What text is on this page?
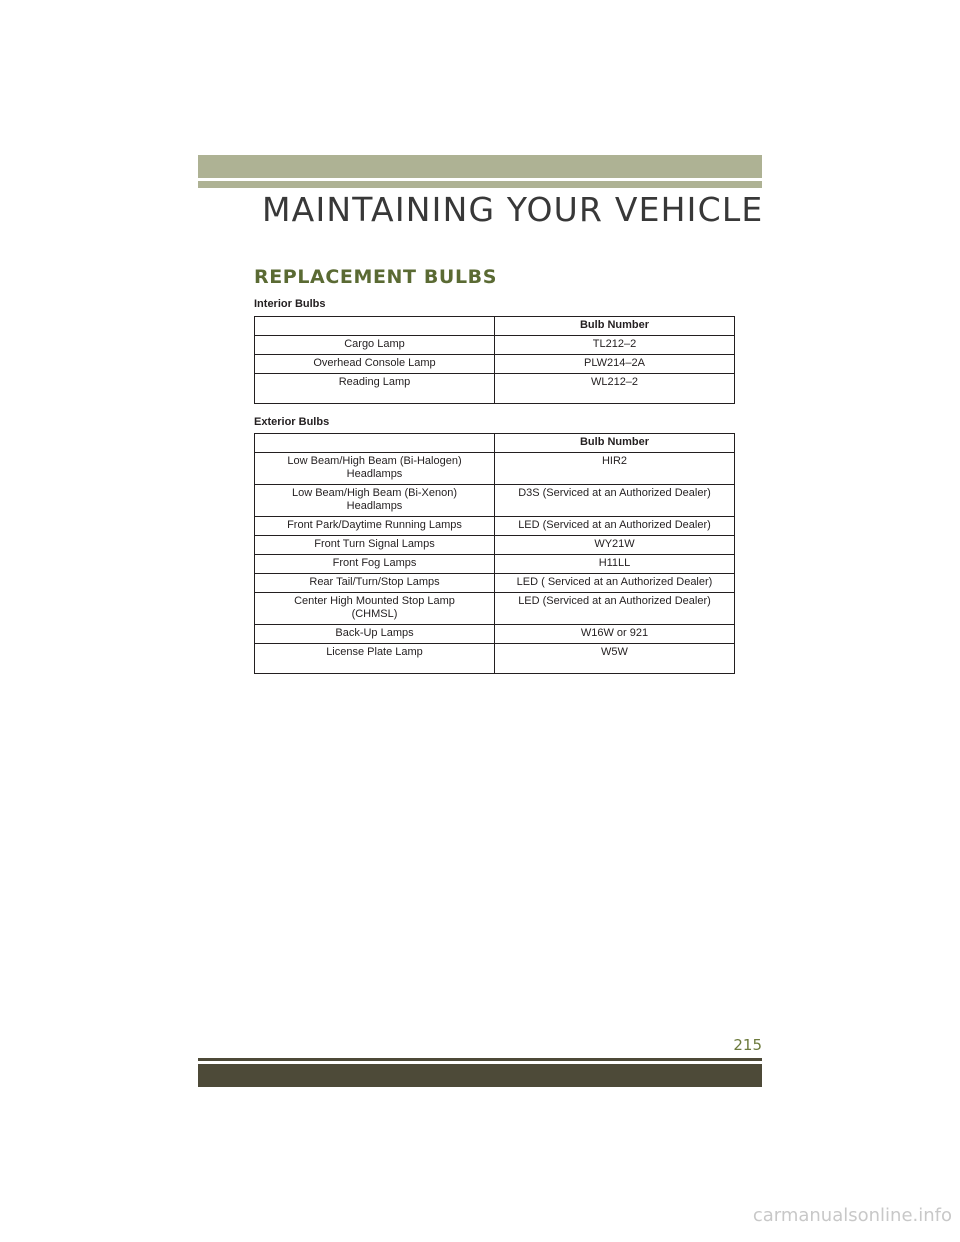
MAINTAINING YOUR VEHICLE
REPLACEMENT BULBS
Interior Bulbs
	Bulb Number
Cargo Lamp	TL212–2
Overhead Console Lamp	PLW214–2A
Reading Lamp	WL212–2
Exterior Bulbs
	Bulb Number
Low Beam/High Beam (Bi-Halogen)
Headlamps	HIR2
Low Beam/High Beam (Bi-Xenon)
Headlamps	D3S (Serviced at an Authorized Dealer)
Front Park/Daytime Running Lamps	LED (Serviced at an Authorized Dealer)
Front Turn Signal Lamps	WY21W
Front Fog Lamps	H11LL
Rear Tail/Turn/Stop Lamps	LED ( Serviced at an Authorized Dealer)
Center High Mounted Stop Lamp
(CHMSL)	LED (Serviced at an Authorized Dealer)
Back-Up Lamps	W16W or 921
License Plate Lamp	W5W
215
carmanualsonline.info
